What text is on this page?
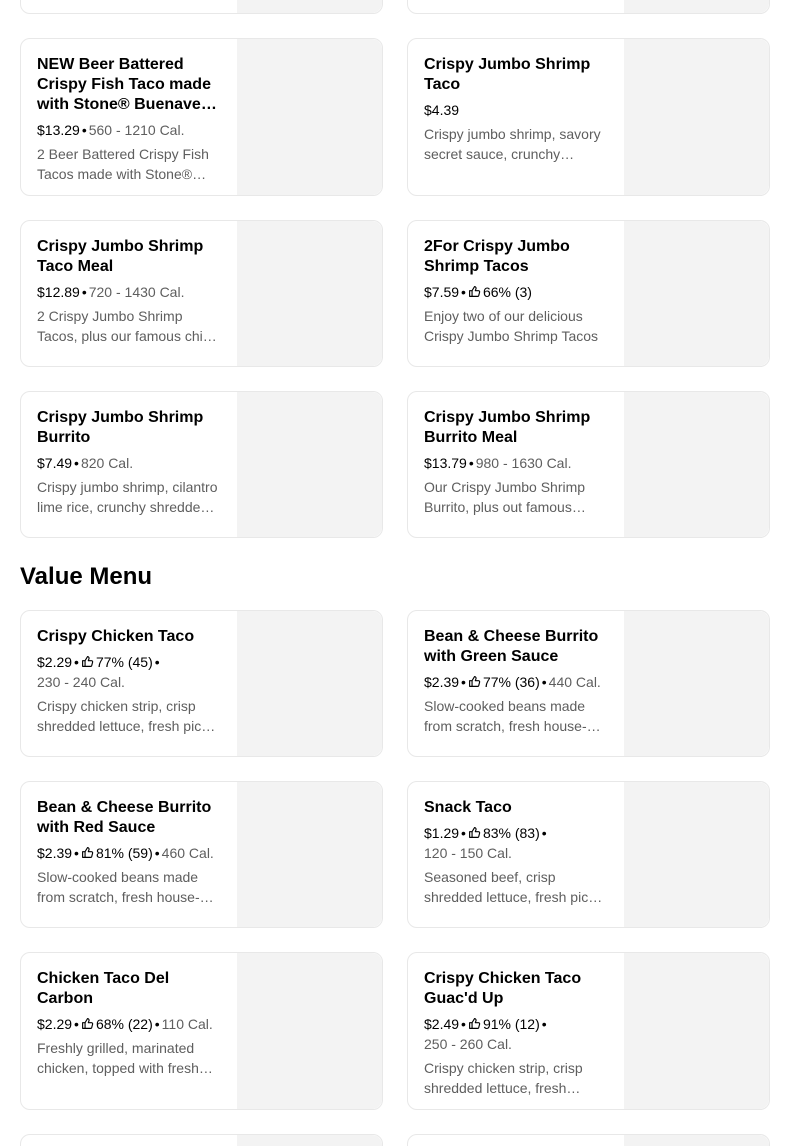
NEW Beer Battered Crispy Fish Taco made with Stone® Buenaveza
$13.29 • 560 - 1210 Cal.
2 Beer Battered Crispy Fish Tacos made with Stone®
Crispy Jumbo Shrimp Taco
$4.39
Crispy jumbo shrimp, savory secret sauce, crunchy
Crispy Jumbo Shrimp Taco Meal
$12.89 • 720 - 1430 Cal.
2 Crispy Jumbo Shrimp Tacos, plus our famous chips
2For Crispy Jumbo Shrimp Tacos
$7.59 • 66% (3)
Enjoy two of our delicious Crispy Jumbo Shrimp Tacos
Crispy Jumbo Shrimp Burrito
$7.49 • 820 Cal.
Crispy jumbo shrimp, cilantro lime rice, crunchy shredded
Crispy Jumbo Shrimp Burrito Meal
$13.79 • 980 - 1630 Cal.
Our Crispy Jumbo Shrimp Burrito, plus out famous
Value Menu
Crispy Chicken Taco
$2.29 • 77% (45) •
230 - 240 Cal.
Crispy chicken strip, crisp shredded lettuce, fresh pico
Bean & Cheese Burrito with Green Sauce
$2.39 • 77% (36) • 440 Cal.
Slow-cooked beans made from scratch, fresh house-
Bean & Cheese Burrito with Red Sauce
$2.39 • 81% (59) • 460 Cal.
Slow-cooked beans made from scratch, fresh house-
Snack Taco
$1.29 • 83% (83) •
120 - 150 Cal.
Seasoned beef, crisp shredded lettuce, fresh pico
Chicken Taco Del Carbon
$2.29 • 68% (22) • 110 Cal.
Freshly grilled, marinated chicken, topped with fresh
Crispy Chicken Taco Guac'd Up
$2.49 • 91% (12) •
250 - 260 Cal.
Crispy chicken strip, crisp shredded lettuce, fresh
